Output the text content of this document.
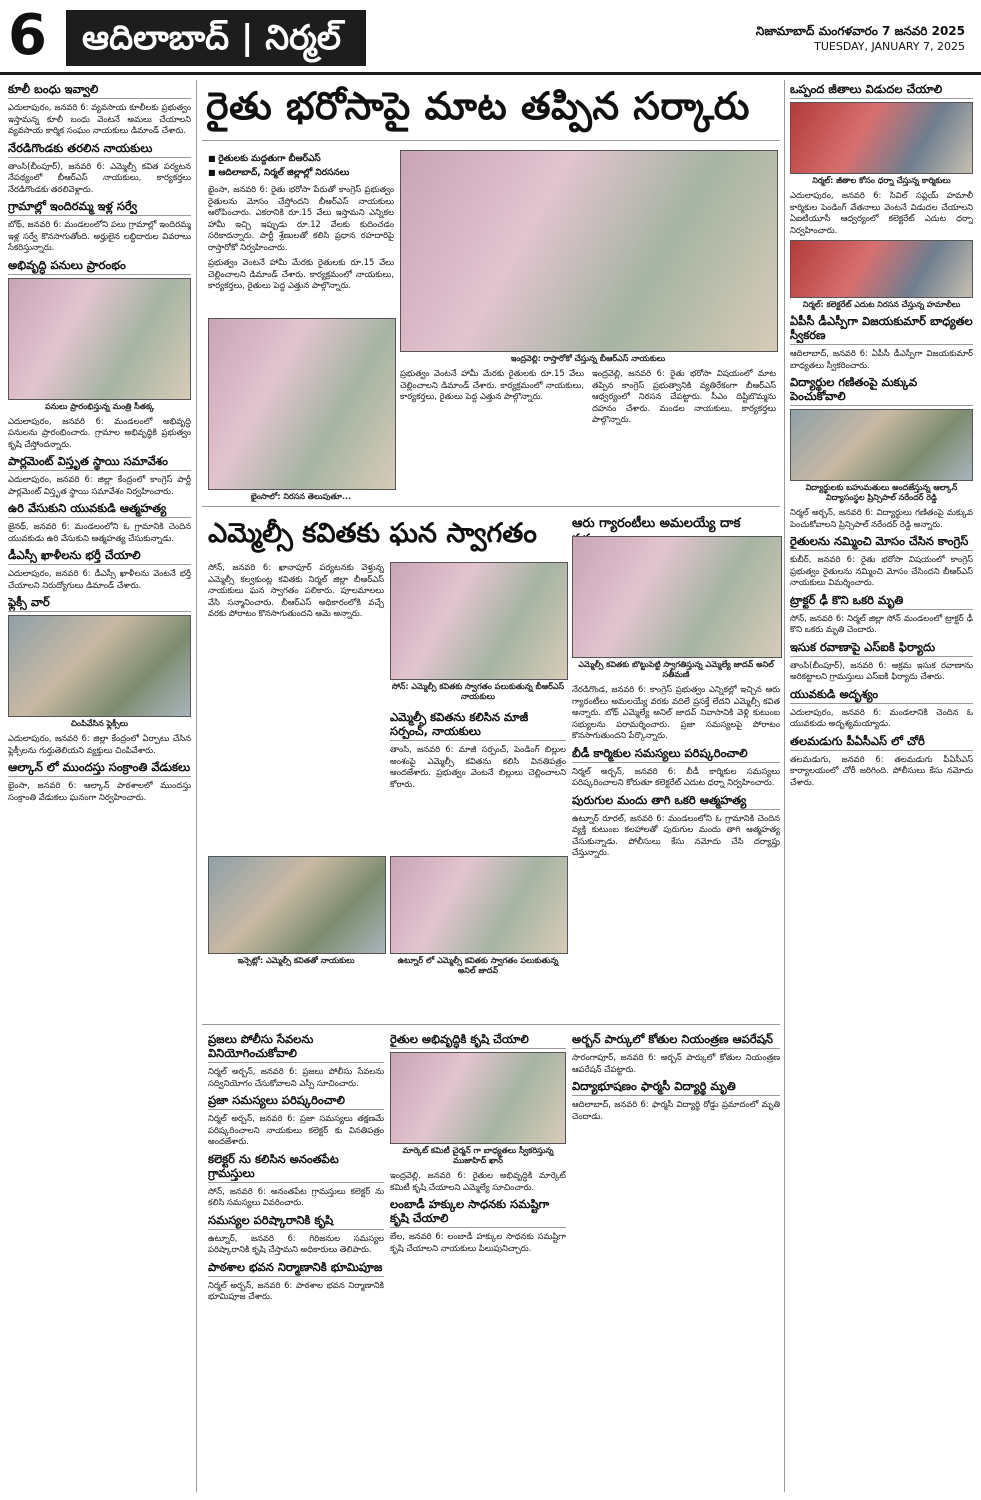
6	ఆదిలాబాద్ | నిర్మల్	నిజామాబాద్ మంగళవారం 7 జనవరి 2025
TUESDAY, JANUARY 7, 2025
కూలీ బంధు ఇవ్వాలి

ఎదులాపురం, జనవరి 6: వ్యవసాయ కూలీలకు ప్రభుత్వం ఇస్తామన్న కూలీ బంధు వెంటనే అమలు చేయాలని వ్యవసాయ కార్మిక సంఘం నాయకులు డిమాండ్ చేశారు.

నేరడిగొండకు తరలిన నాయకులు

తాంసి(బీంపూర్), జనవరి 6: ఎమ్మెల్సీ కవిత పర్యటన నేపథ్యంలో బీఆర్ఎస్ నాయకులు, కార్యకర్తలు నేరడిగొండకు తరలివెళ్లారు.

గ్రామాల్లో ఇందిరమ్మ ఇళ్ల సర్వే

బోథ్, జనవరి 6: మండలంలోని పలు గ్రామాల్లో ఇందిరమ్మ ఇళ్ల సర్వే కొనసాగుతోంది. అర్హులైన లబ్ధిదారుల వివరాలు సేకరిస్తున్నారు.

అభివృద్ధి పనులు ప్రారంభం
పనులు ప్రారంభిస్తున్న మంత్రి సీతక్క

ఎదులాపురం, జనవరి 6: మండలంలో అభివృద్ధి పనులను ప్రారంభించారు. గ్రామాల అభివృద్ధికి ప్రభుత్వం కృషి చేస్తోందన్నారు.

పార్లమెంట్ విస్తృత స్థాయి సమావేశం

ఎదులాపురం, జనవరి 6: జిల్లా కేంద్రంలో కాంగ్రెస్ పార్టీ పార్లమెంట్ విస్తృత స్థాయి సమావేశం నిర్వహించారు.

ఉరి వేసుకుని యువకుడి ఆత్మహత్య

జైనథ్, జనవరి 6: మండలంలోని ఓ గ్రామానికి చెందిన యువకుడు ఉరి వేసుకుని ఆత్మహత్య చేసుకున్నాడు.

డీఎస్సీ ఖాళీలను భర్తీ చేయాలి

ఎదులాపురం, జనవరి 6: డీఎస్సీ ఖాళీలను వెంటనే భర్తీ చేయాలని నిరుద్యోగులు డిమాండ్ చేశారు.

ఫ్లెక్సీ వార్
చింపివేసిన ఫ్లెక్సీలు

ఎదులాపురం, జనవరి 6: జిల్లా కేంద్రంలో ఏర్పాటు చేసిన ఫ్లెక్సీలను గుర్తుతెలియని వ్యక్తులు చింపివేశారు.

ఆల్కాన్ లో ముందస్తు సంక్రాంతి వేడుకలు

భైంసా, జనవరి 6: ఆల్కాన్ పాఠశాలలో ముందస్తు సంక్రాంతి వేడుకలు ఘనంగా నిర్వహించారు.

రైతు భరోసాపై మాట తప్పిన సర్కారు
■ రైతులకు మద్దతుగా బీఆర్ఎస్
■ ఆదిలాబాద్, నిర్మల్ జిల్లాల్లో నిరసనలు

భైంసా, జనవరి 6: రైతు భరోసా పేరుతో కాంగ్రెస్ ప్రభుత్వం రైతులను మోసం చేస్తోందని బీఆర్ఎస్ నాయకులు ఆరోపించారు. ఎకరానికి రూ.15 వేలు ఇస్తామని ఎన్నికల హామీ ఇచ్చి ఇప్పుడు రూ.12 వేలకు కుదించడం సరికాదన్నారు. పార్టీ శ్రేణులతో కలిసి ప్రధాన రహదారిపై రాస్తారోకో నిర్వహించారు.

ప్రభుత్వం వెంటనే హామీ మేరకు రైతులకు రూ.15 వేలు చెల్లించాలని డిమాండ్ చేశారు. కార్యక్రమంలో నాయకులు, కార్యకర్తలు, రైతులు పెద్ద ఎత్తున పాల్గొన్నారు.

ఇంద్రవెల్లి: రాస్తారోకో చేస్తున్న బీఆర్ఎస్ నాయకులు

ప్రభుత్వం వెంటనే హామీ మేరకు రైతులకు రూ.15 వేలు చెల్లించాలని డిమాండ్ చేశారు. కార్యక్రమంలో నాయకులు, కార్యకర్తలు, రైతులు పెద్ద ఎత్తున పాల్గొన్నారు.

ఇంద్రవెల్లి, జనవరి 6: రైతు భరోసా విషయంలో మాట తప్పిన కాంగ్రెస్ ప్రభుత్వానికి వ్యతిరేకంగా బీఆర్ఎస్ ఆధ్వర్యంలో నిరసన చేపట్టారు. సీఎం దిష్టిబొమ్మను దహనం చేశారు. మండల నాయకులు, కార్యకర్తలు పాల్గొన్నారు.

భైంసాలో: నిరసన తెలుపుతూ...
ఎమ్మెల్సీ కవితకు ఘన స్వాగతం

సోన్, జనవరి 6: ఖానాపూర్ పర్యటనకు వెళ్తున్న ఎమ్మెల్సీ కల్వకుంట్ల కవితకు నిర్మల్ జిల్లా బీఆర్ఎస్ నాయకులు ఘన స్వాగతం పలికారు. పూలమాలలు వేసి సన్మానించారు. బీఆర్ఎస్ అధికారంలోకి వచ్చే వరకు పోరాటం కొనసాగుతుందని ఆమె అన్నారు.

సోన్: ఎమ్మెల్సీ కవితకు స్వాగతం పలుకుతున్న బీఆర్ఎస్ నాయకులు
ఎమ్మెల్సీ కవితను కలిసిన మాజీ సర్పంచ్, నాయకులు

తాంసి, జనవరి 6: మాజీ సర్పంచ్, పెండింగ్ బిల్లుల అంశంపై ఎమ్మెల్సీ కవితను కలిసి వినతిపత్రం అందజేశారు. ప్రభుత్వం వెంటనే బిల్లులు చెల్లించాలని కోరారు.

ఇన్సెట్లో: ఎమ్మెల్సీ కవితతో నాయకులు	ఉట్నూర్ లో ఎమ్మెల్సీ కవితకు స్వాగతం పలుకుతున్న అనిల్ జాదవ్
ఆరు గ్యారంటీలు అమలయ్యే దాక
ఎమ్మెల్సీ కవితకు బొట్టుపెట్టి స్వాగతిస్తున్న ఎమ్మెల్యే జాదవ్ అనిల్ సతీమణి

నేరడిగొండ, జనవరి 6: కాంగ్రెస్ ప్రభుత్వం ఎన్నికల్లో ఇచ్చిన ఆరు గ్యారంటీలు అమలయ్యే వరకు వదిలే ప్రసక్తే లేదని ఎమ్మెల్సీ కవిత అన్నారు. బోథ్ ఎమ్మెల్యే అనిల్ జాదవ్ నివాసానికి వెళ్లి కుటుంబ సభ్యులను పరామర్శించారు. ప్రజా సమస్యలపై పోరాటం కొనసాగుతుందని పేర్కొన్నారు.

బీడీ కార్మికుల సమస్యలు పరిష్కరించాలి

నిర్మల్ అర్బన్, జనవరి 6: బీడీ కార్మికుల సమస్యలు పరిష్కరించాలని కోరుతూ కలెక్టరేట్ ఎదుట ధర్నా నిర్వహించారు.

పురుగుల మందు తాగి ఒకరి ఆత్మహత్య

ఉట్నూర్ రూరల్, జనవరి 6: మండలంలోని ఓ గ్రామానికి చెందిన వ్యక్తి కుటుంబ కలహాలతో పురుగుల మందు తాగి ఆత్మహత్య చేసుకున్నాడు. పోలీసులు కేసు నమోదు చేసి దర్యాప్తు చేస్తున్నారు.

ప్రజలు పోలీసు సేవలను వినియోగించుకోవాలి

నిర్మల్ అర్బన్, జనవరి 6: ప్రజలు పోలీసు సేవలను సద్వినియోగం చేసుకోవాలని ఎస్పీ సూచించారు.

ప్రజా సమస్యలు పరిష్కరించాలి

నిర్మల్ అర్బన్, జనవరి 6: ప్రజా సమస్యలు తక్షణమే పరిష్కరించాలని నాయకులు కలెక్టర్ కు వినతిపత్రం అందజేశారు.

కలెక్టర్ ను కలిసిన అనంతపేట గ్రామస్తులు

సోన్, జనవరి 6: అనంతపేట గ్రామస్తులు కలెక్టర్ ను కలిసి సమస్యలు వివరించారు.

సమస్యల పరిష్కారానికి కృషి

ఉట్నూర్, జనవరి 6: గిరిజనుల సమస్యల పరిష్కారానికి కృషి చేస్తామని అధికారులు తెలిపారు.

పాఠశాల భవన నిర్మాణానికి భూమిపూజ

నిర్మల్ అర్బన్, జనవరి 6: పాఠశాల భవన నిర్మాణానికి భూమిపూజ చేశారు.

రైతుల అభివృద్ధికి కృషి చేయాలి
మార్కెట్ కమిటీ చైర్మన్ గా బాధ్యతలు స్వీకరిస్తున్న ముజాహిద్ ఖాన్

ఇంద్రవెల్లి, జనవరి 6: రైతుల అభివృద్ధికి మార్కెట్ కమిటీ కృషి చేయాలని ఎమ్మెల్యే సూచించారు.

లంబాడీ హక్కుల సాధనకు సమష్టిగా కృషి చేయాలి

బేల, జనవరి 6: లంబాడీ హక్కుల సాధనకు సమష్టిగా కృషి చేయాలని నాయకులు పిలుపునిచ్చారు.

అర్బన్ పార్కులో కోతుల నియంత్రణ ఆపరేషన్

సారంగాపూర్, జనవరి 6: అర్బన్ పార్కులో కోతుల నియంత్రణ ఆపరేషన్ చేపట్టారు.

విద్యాభూషణం ఫార్మసీ విద్యార్థి మృతి

ఆదిలాబాద్, జనవరి 6: ఫార్మసీ విద్యార్థి రోడ్డు ప్రమాదంలో మృతి చెందాడు.

ఒప్పంద జీతాలు విడుదల చేయాలి
నిర్మల్: జీతాల కోసం ధర్నా చేస్తున్న కార్మికులు

ఎదులాపురం, జనవరి 6: సివిల్ సప్లయ్ హమాలీ కార్మికుల పెండింగ్ వేతనాలు వెంటనే విడుదల చేయాలని ఏఐటీయూసీ ఆధ్వర్యంలో కలెక్టరేట్ ఎదుట ధర్నా నిర్వహించారు.

నిర్మల్: కలెక్టరేట్ ఎదుట నిరసన చేస్తున్న హమాలీలు
ఏపీసీ డీఎస్పీగా విజయకుమార్ బాధ్యతల స్వీకరణ

ఆదిలాబాద్, జనవరి 6: ఏపీసీ డీఎస్పీగా విజయకుమార్ బాధ్యతలు స్వీకరించారు.

విద్యార్థుల గణితంపై మక్కువ పెంచుకోవాలి
విద్యార్థులకు బహుమతులు అందజేస్తున్న ఆల్కాన్ విద్యాసంస్థల ప్రిన్సిపాల్ నరేందర్ రెడ్డి

నిర్మల్ అర్బన్, జనవరి 6: విద్యార్థులు గణితంపై మక్కువ పెంచుకోవాలని ప్రిన్సిపాల్ నరేందర్ రెడ్డి అన్నారు.

రైతులను నమ్మించి మోసం చేసిన కాంగ్రెస్

కుబీర్, జనవరి 6: రైతు భరోసా విషయంలో కాంగ్రెస్ ప్రభుత్వం రైతులను నమ్మించి మోసం చేసిందని బీఆర్ఎస్ నాయకులు విమర్శించారు.

ట్రాక్టర్ ఢీ కొని ఒకరి మృతి

సోన్, జనవరి 6: నిర్మల్ జిల్లా సోన్ మండలంలో ట్రాక్టర్ ఢీ కొని ఒకరు మృతి చెందారు.

ఇసుక రవాణాపై ఎస్ఐకి ఫిర్యాదు

తాంసి(బీంపూర్), జనవరి 6: అక్రమ ఇసుక రవాణాను అరికట్టాలని గ్రామస్తులు ఎస్ఐకి ఫిర్యాదు చేశారు.

యువకుడి అదృశ్యం

ఎదులాపురం, జనవరి 6: మండలానికి చెందిన ఓ యువకుడు అదృశ్యమయ్యాడు.

తలమడుగు పీఏసీఎస్ లో చోరీ

తలమడుగు, జనవరి 6: తలమడుగు పీఏసీఎస్ కార్యాలయంలో చోరీ జరిగింది. పోలీసులు కేసు నమోదు చేశారు.
